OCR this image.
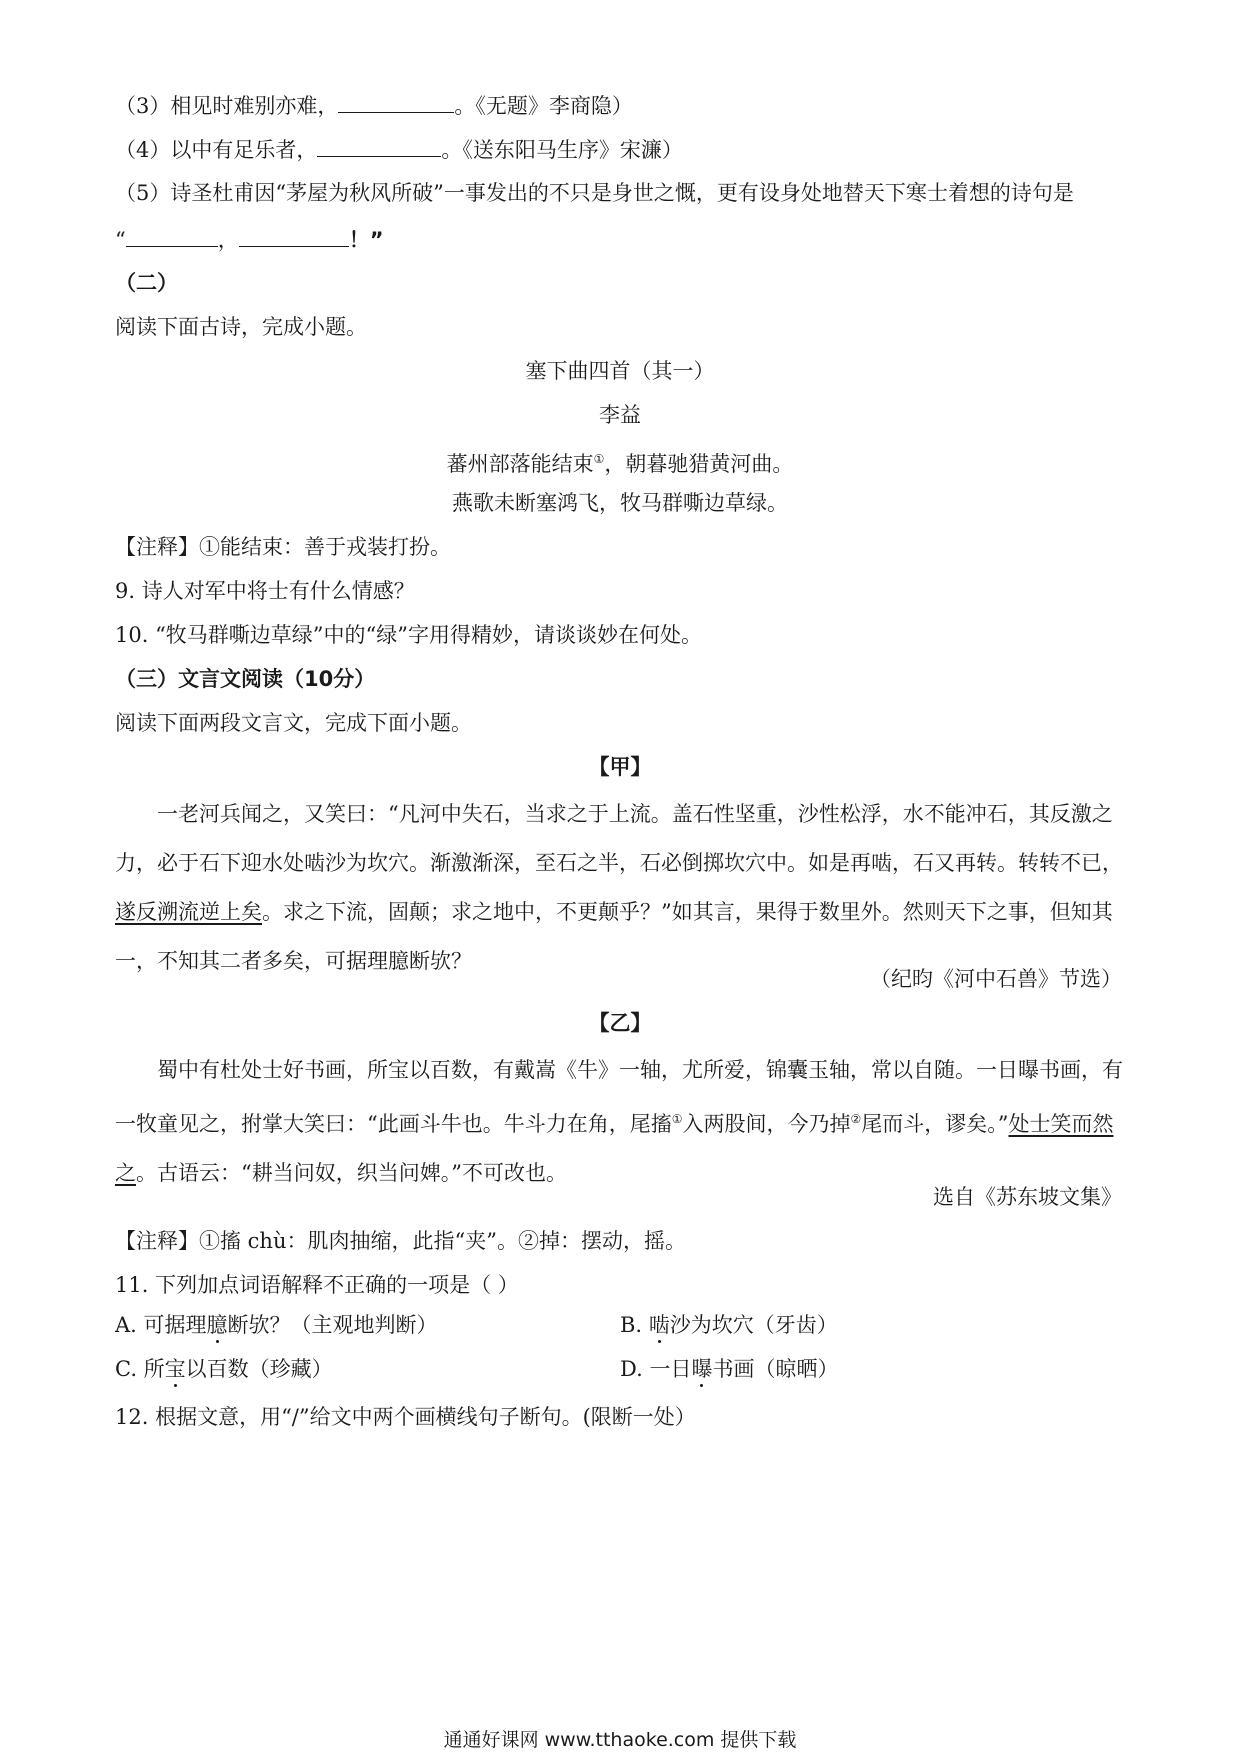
（3）相见时难别亦难，	。《无题》李商隐）
（4）以中有足乐者，	。《送东阳马生序》宋濂）
（5）诗圣杜甫因“茅屋为秋风所破”一事发出的不只是身世之慨，更有设身处地替天下寒士着想的诗句是
“	，	！”
（二）
阅读下面古诗，完成小题。
塞下曲四首（其一）
李益
蕃州部落能结束①，朝暮驰猎黄河曲。
燕歌未断塞鸿飞，牧马群嘶边草绿。
【注释】①能结束：善于戎装打扮。
9. 诗人对军中将士有什么情感？
10. “牧马群嘶边草绿”中的“绿”字用得精妙，请谈谈妙在何处。
（三）文言文阅读（10分）
阅读下面两段文言文，完成下面小题。
【甲】
一老河兵闻之，又笑曰：“凡河中失石，当求之于上流。盖石性坚重，沙性松浮，水不能冲石，其反激之力，必于石下迎水处啮沙为坎穴。渐激渐深，至石之半，石必倒掷坎穴中。如是再啮，石又再转。转转不已，遂反溯流逆上矣。求之下流，固颠；求之地中，不更颠乎？”如其言，果得于数里外。然则天下之事，但知其一，不知其二者多矣，可据理臆断欤？
（纪昀《河中石兽》节选）
【乙】
蜀中有杜处士好书画，所宝以百数，有戴嵩《牛》一轴，尤所爱，锦囊玉轴，常以自随。一日曝书画，有一牧童见之，拊掌大笑曰：“此画斗牛也。牛斗力在角，尾搐①入两股间，今乃掉②尾而斗，谬矣。”处士笑而然之。古语云：“耕当问奴，织当问婢。”不可改也。
选自《苏东坡文集》
【注释】①搐 chù：肌肉抽缩，此指“夹”。②掉：摆动，摇。
11. 下列加点词语解释不正确的一项是（ ）
A. 可据理臆断欤？（主观地判断）	B. 啮沙为坎穴（牙齿）
C. 所宝以百数（珍藏）	D. 一日曝书画（晾晒）
12. 根据文意，用“/”给文中两个画横线句子断句。(限断一处）
通通好课网 www.tthaoke.com 提供下载
